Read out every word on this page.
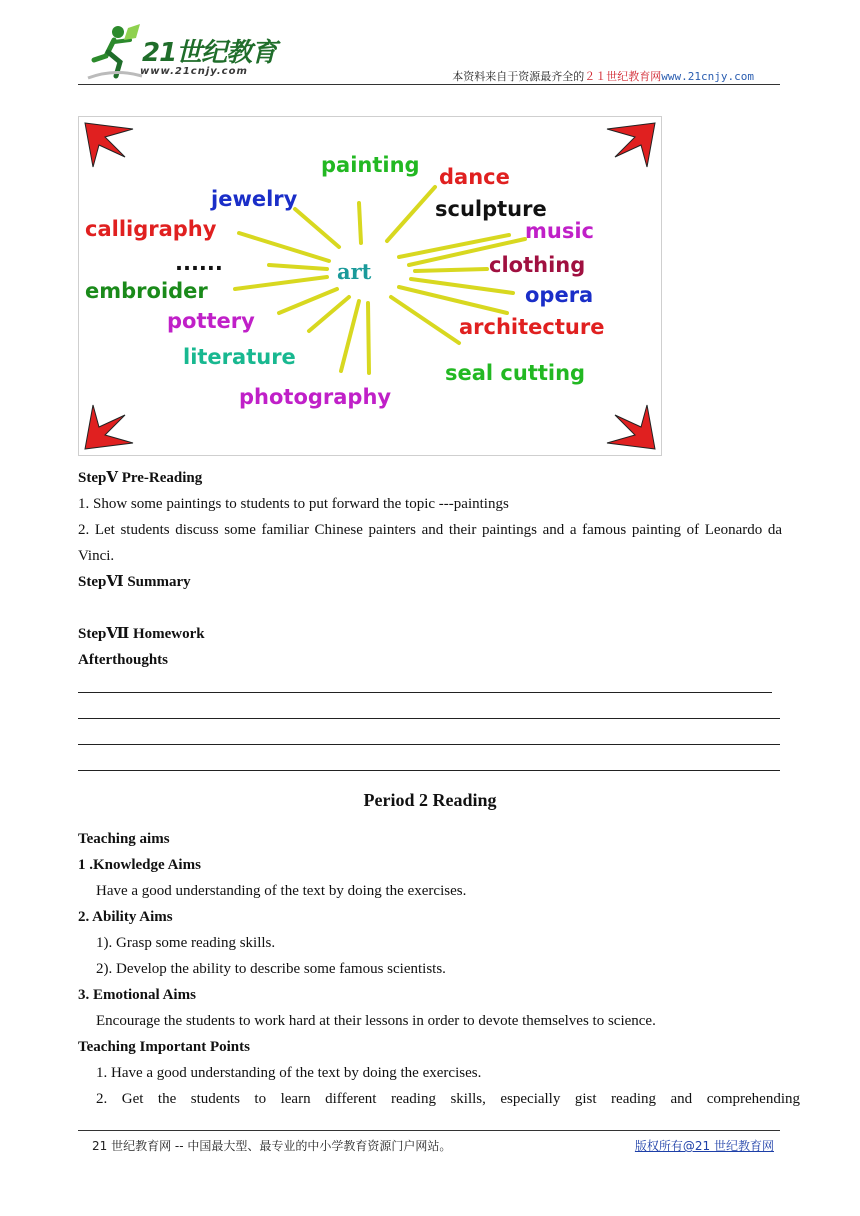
21世纪教育
www.21cnjy.com	本资料来自于资源最齐全的２１世纪教育网www.21cnjy.com
art
painting dance
jewelry	sculpture
calligraphy	music
......	clothing
embroider	opera
pottery	architecture
literature
seal cutting
photography
StepⅤ Pre-Reading
1. Show some paintings to students to put forward the topic ---paintings
2. Let students discuss some familiar Chinese painters and their paintings and a famous painting of Leonardo da Vinci.
StepⅥ Summary
StepⅦ Homework
Afterthoughts
Period 2 Reading
Teaching aims
1 .Knowledge Aims
Have a good understanding of the text by doing the exercises.
2. Ability Aims
1). Grasp some reading skills.
2). Develop the ability to describe some famous scientists.
3. Emotional Aims
Encourage the students to work hard at their lessons in order to devote themselves to science.
Teaching Important Points
1. Have a good understanding of the text by doing the exercises.
2. Get the students to learn different reading skills, especially gist reading and comprehending
21 世纪教育网 -- 中国最大型、最专业的中小学教育资源门户网站。	版权所有@21 世纪教育网
